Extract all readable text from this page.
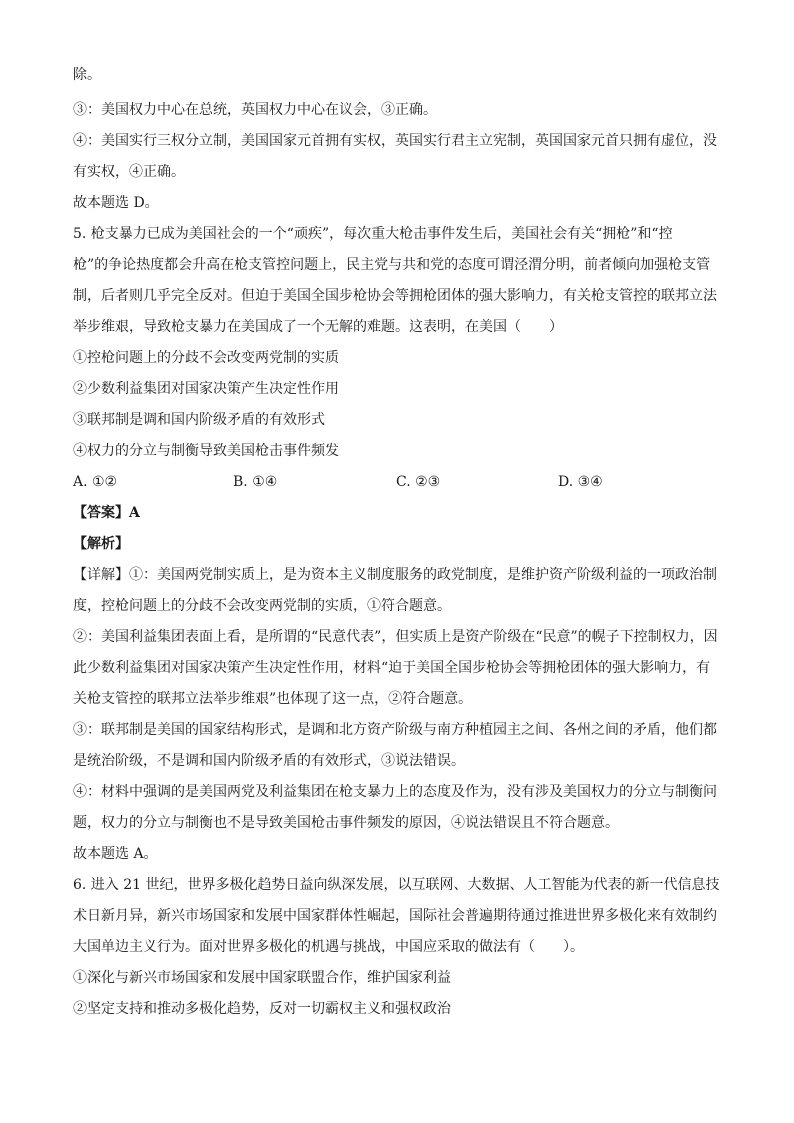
除。
③：美国权力中心在总统，英国权力中心在议会，③正确。
④：美国实行三权分立制，美国国家元首拥有实权，英国实行君主立宪制，英国国家元首只拥有虚位，没
有实权，④正确。
故本题选 D。
5. 枪支暴力已成为美国社会的一个“顽疾”，每次重大枪击事件发生后，美国社会有关“拥枪”和“控
枪”的争论热度都会升高在枪支管控问题上，民主党与共和党的态度可谓泾渭分明，前者倾向加强枪支管
制，后者则几乎完全反对。但迫于美国全国步枪协会等拥枪团体的强大影响力，有关枪支管控的联邦立法
举步维艰，导致枪支暴力在美国成了一个无解的难题。这表明，在美国（　　）
①控枪问题上的分歧不会改变两党制的实质
②少数利益集团对国家决策产生决定性作用
③联邦制是调和国内阶级矛盾的有效形式
④权力的分立与制衡导致美国枪击事件频发
A. ①②	B. ①④	C. ②③	D. ③④
【答案】A
【解析】
【详解】①：美国两党制实质上，是为资本主义制度服务的政党制度，是维护资产阶级利益的一项政治制
度，控枪问题上的分歧不会改变两党制的实质，①符合题意。
②：美国利益集团表面上看，是所谓的“民意代表”，但实质上是资产阶级在“民意”的幌子下控制权力，因
此少数利益集团对国家决策产生决定性作用，材料“迫于美国全国步枪协会等拥枪团体的强大影响力，有
关枪支管控的联邦立法举步维艰”也体现了这一点，②符合题意。
③：联邦制是美国的国家结构形式，是调和北方资产阶级与南方种植园主之间、各州之间的矛盾，他们都
是统治阶级，不是调和国内阶级矛盾的有效形式，③说法错误。
④：材料中强调的是美国两党及利益集团在枪支暴力上的态度及作为，没有涉及美国权力的分立与制衡问
题，权力的分立与制衡也不是导致美国枪击事件频发的原因，④说法错误且不符合题意。
故本题选 A。
6. 进入 21 世纪，世界多极化趋势日益向纵深发展，以互联网、大数据、人工智能为代表的新一代信息技
术日新月异，新兴市场国家和发展中国家群体性崛起，国际社会普遍期待通过推进世界多极化来有效制约
大国单边主义行为。面对世界多极化的机遇与挑战，中国应采取的做法有（　　）。
①深化与新兴市场国家和发展中国家联盟合作，维护国家利益
②坚定支持和推动多极化趋势，反对一切霸权主义和强权政治
